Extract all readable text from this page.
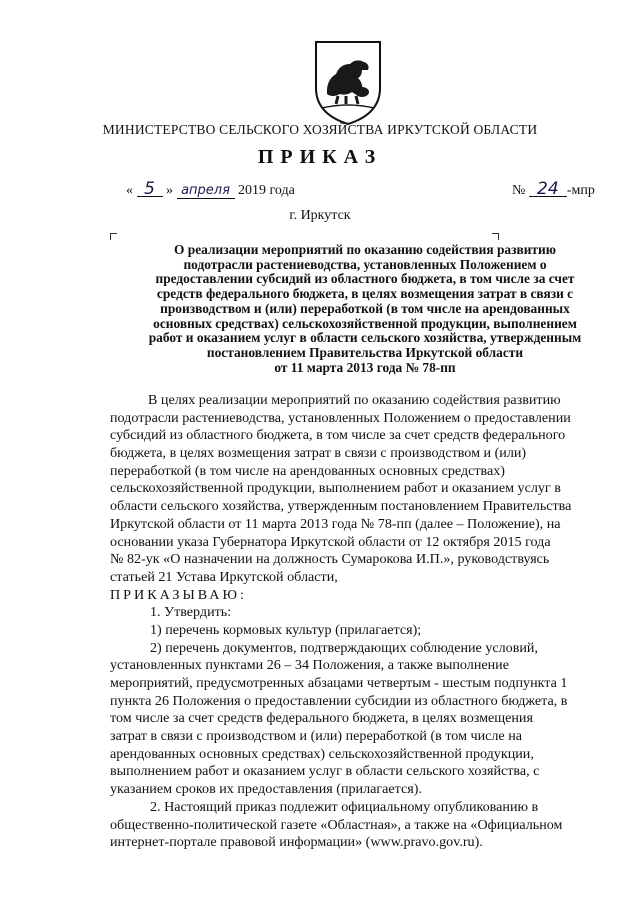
МИНИСТЕРСТВО СЕЛЬСКОГО ХОЗЯЙСТВА ИРКУТСКОЙ ОБЛАСТИ
ПРИКАЗ
« 5 » апреля 2019 года	№ 24 -мпр
г. Иркутск
О реализации мероприятий по оказанию содействия развитию
подотрасли растениеводства, установленных Положением о
предоставлении субсидий из областного бюджета, в том числе за счет
средств федерального бюджета, в целях возмещения затрат в связи с
производством и (или) переработкой (в том числе на арендованных
основных средствах) сельскохозяйственной продукции, выполнением
работ и оказанием услуг в области сельского хозяйства, утвержденным
постановлением Правительства Иркутской области
от 11 марта 2013 года № 78-пп
В целях реализации мероприятий по оказанию содействия развитию
подотрасли растениеводства, установленных Положением о предоставлении
субсидий из областного бюджета, в том числе за счет средств федерального
бюджета, в целях возмещения затрат в связи с производством и (или)
переработкой (в том числе на арендованных основных средствах)
сельскохозяйственной продукции, выполнением работ и оказанием услуг в
области сельского хозяйства, утвержденным постановлением Правительства
Иркутской области от 11 марта 2013 года № 78-пп (далее – Положение), на
основании указа Губернатора Иркутской области от 12 октября 2015 года
№ 82-ук «О назначении на должность Сумарокова И.П.», руководствуясь
статьей 21 Устава Иркутской области,
ПРИКАЗЫВАЮ:
1. Утвердить:
1) перечень кормовых культур (прилагается);
2) перечень документов, подтверждающих соблюдение условий,
установленных пунктами 26 – 34 Положения, а также выполнение
мероприятий, предусмотренных абзацами четвертым - шестым подпункта 1
пункта 26 Положения о предоставлении субсидии из областного бюджета, в
том числе за счет средств федерального бюджета, в целях возмещения
затрат в связи с производством и (или) переработкой (в том числе на
арендованных основных средствах) сельскохозяйственной продукции,
выполнением работ и оказанием услуг в области сельского хозяйства, с
указанием сроков их предоставления (прилагается).
2. Настоящий приказ подлежит официальному опубликованию в
общественно-политической газете «Областная», а также на «Официальном
интернет-портале правовой информации» (www.pravo.gov.ru).
